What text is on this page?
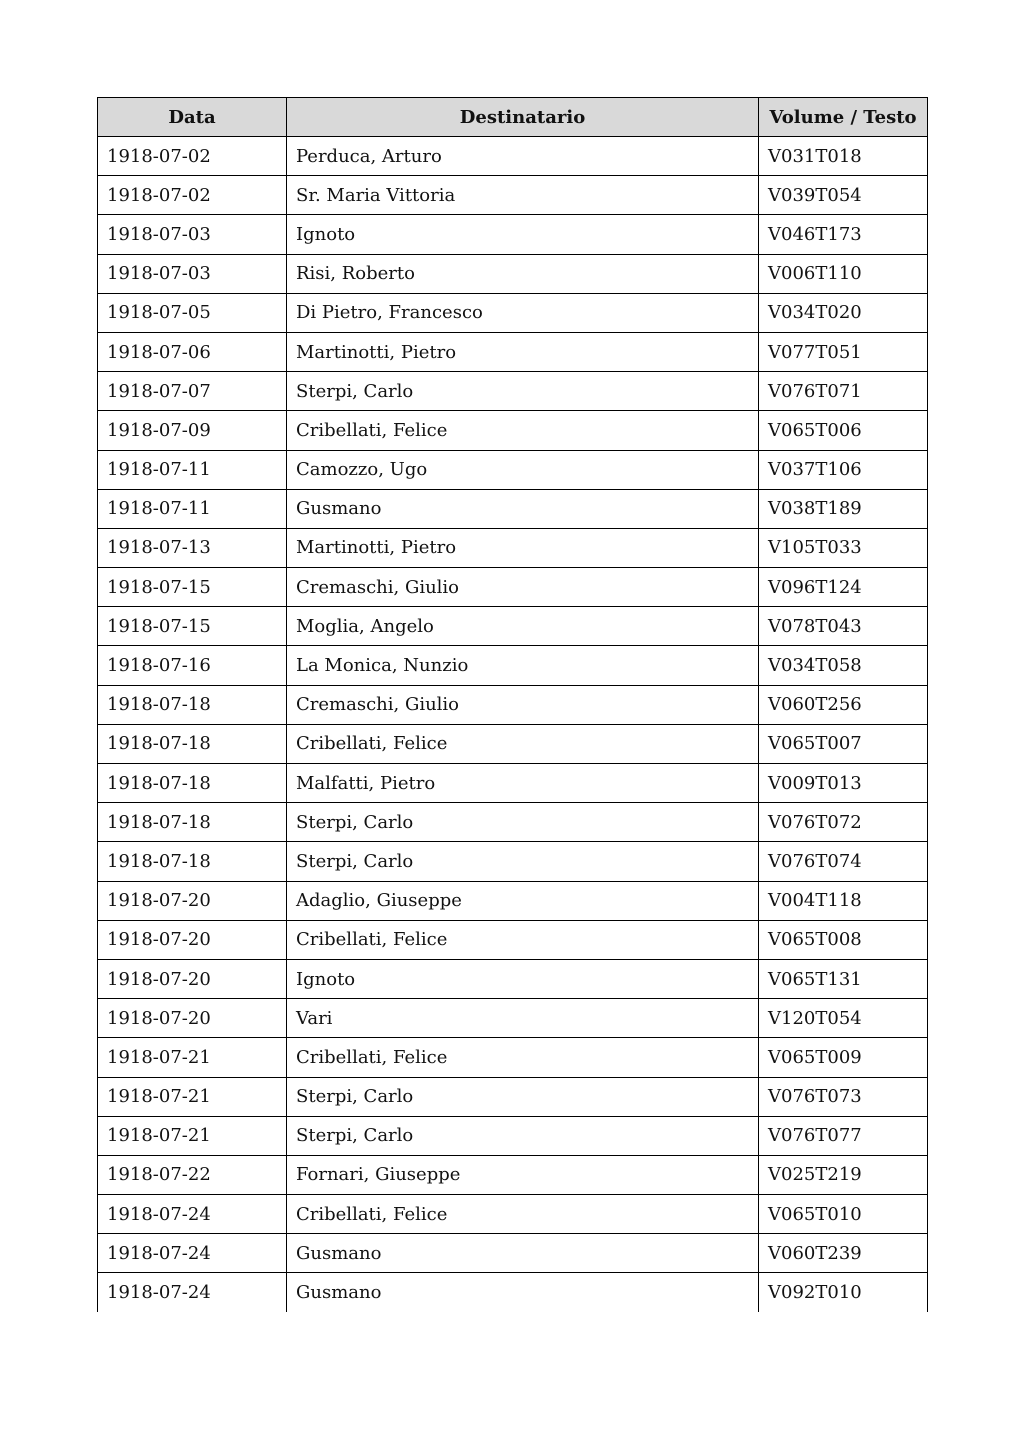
Data	Destinatario	Volume / Testo
1918-07-02	Perduca, Arturo	V031T018
1918-07-02	Sr. Maria Vittoria	V039T054
1918-07-03	Ignoto	V046T173
1918-07-03	Risi, Roberto	V006T110
1918-07-05	Di Pietro, Francesco	V034T020
1918-07-06	Martinotti, Pietro	V077T051
1918-07-07	Sterpi, Carlo	V076T071
1918-07-09	Cribellati, Felice	V065T006
1918-07-11	Camozzo, Ugo	V037T106
1918-07-11	Gusmano	V038T189
1918-07-13	Martinotti, Pietro	V105T033
1918-07-15	Cremaschi, Giulio	V096T124
1918-07-15	Moglia, Angelo	V078T043
1918-07-16	La Monica, Nunzio	V034T058
1918-07-18	Cremaschi, Giulio	V060T256
1918-07-18	Cribellati, Felice	V065T007
1918-07-18	Malfatti, Pietro	V009T013
1918-07-18	Sterpi, Carlo	V076T072
1918-07-18	Sterpi, Carlo	V076T074
1918-07-20	Adaglio, Giuseppe	V004T118
1918-07-20	Cribellati, Felice	V065T008
1918-07-20	Ignoto	V065T131
1918-07-20	Vari	V120T054
1918-07-21	Cribellati, Felice	V065T009
1918-07-21	Sterpi, Carlo	V076T073
1918-07-21	Sterpi, Carlo	V076T077
1918-07-22	Fornari, Giuseppe	V025T219
1918-07-24	Cribellati, Felice	V065T010
1918-07-24	Gusmano	V060T239
1918-07-24	Gusmano	V092T010
